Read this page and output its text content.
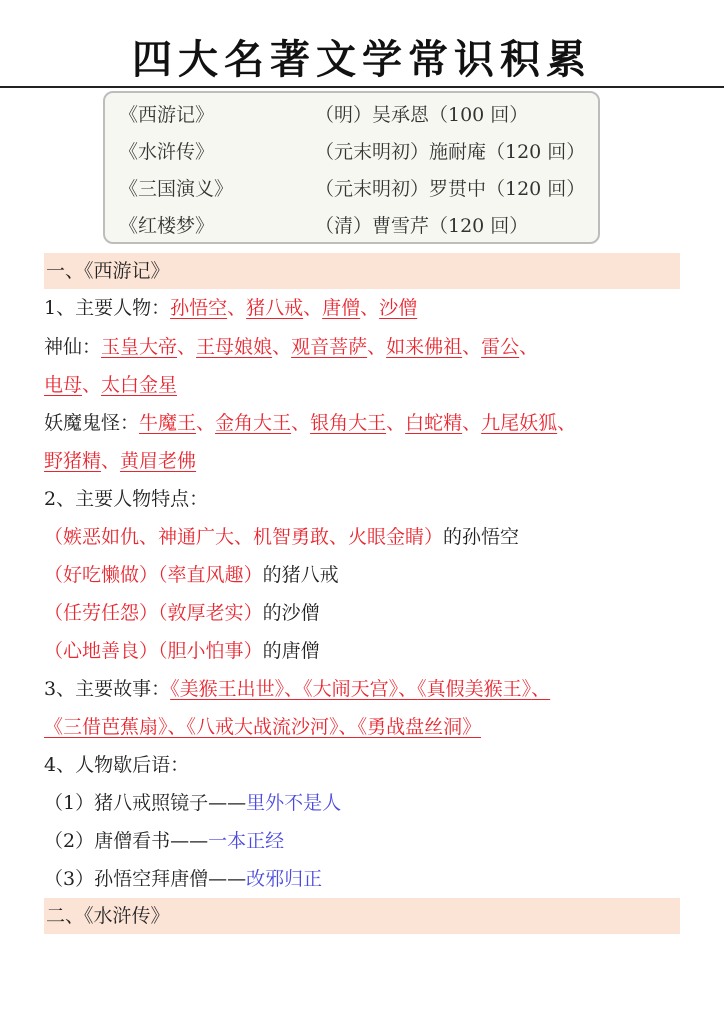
四大名著文学常识积累
《西游记》	（明）吴承恩（100 回）
《水浒传》	（元末明初）施耐庵（120 回）
《三国演义》	（元末明初）罗贯中（120 回）
《红楼梦》	（清）曹雪芹（120 回）
一、《西游记》
1、主要人物：孙悟空、猪八戒、唐僧、沙僧
神仙：玉皇大帝、王母娘娘、观音菩萨、如来佛祖、雷公、
电母、太白金星
妖魔鬼怪：牛魔王、金角大王、银角大王、白蛇精、九尾妖狐、
野猪精、黄眉老佛
2、主要人物特点：
（嫉恶如仇、神通广大、机智勇敢、火眼金睛）的孙悟空
（好吃懒做）（率直风趣）的猪八戒
（任劳任怨）（敦厚老实）的沙僧
（心地善良）（胆小怕事）的唐僧
3、主要故事：《美猴王出世》、《大闹天宫》、《真假美猴王》、
《三借芭蕉扇》、《八戒大战流沙河》、《勇战盘丝洞》
4、人物歇后语：
（1）猪八戒照镜子——里外不是人
（2）唐僧看书——一本正经
（3）孙悟空拜唐僧——改邪归正
二、《水浒传》
